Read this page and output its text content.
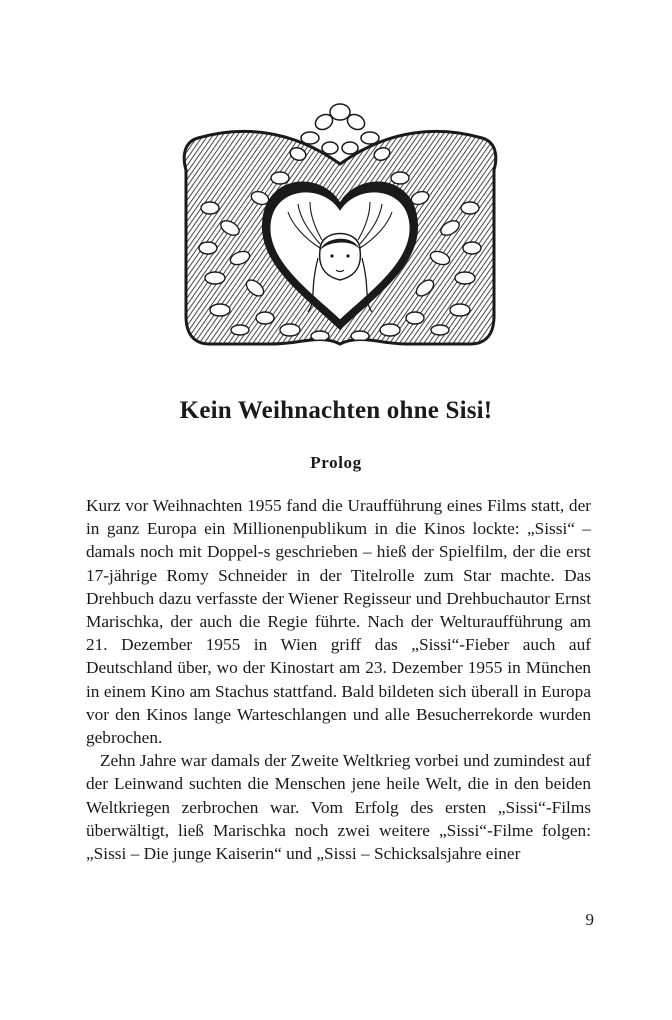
Kein Weihnachten ohne Sisi!
Prolog

Kurz vor Weihnachten 1955 fand die Uraufführung eines Films statt, der in ganz Europa ein Millionenpublikum in die Kinos lockte: „Sissi“ – damals noch mit Doppel-s geschrieben – hieß der Spielfilm, der die erst 17-jährige Romy Schneider in der Titelrolle zum Star machte. Das Drehbuch dazu verfasste der Wiener Regisseur und Drehbuchautor Ernst Marischka, der auch die Regie führte. Nach der Welturaufführung am 21. Dezember 1955 in Wien griff das „Sissi“-Fieber auch auf Deutschland über, wo der Kinostart am 23. Dezember 1955 in München in einem Kino am Stachus stattfand. Bald bildeten sich überall in Europa vor den Kinos lange Warteschlangen und alle Besucherrekorde wurden gebrochen.

Zehn Jahre war damals der Zweite Weltkrieg vorbei und zumindest auf der Leinwand suchten die Menschen jene heile Welt, die in den beiden Weltkriegen zerbrochen war. Vom Erfolg des ersten „Sissi“-Films überwältigt, ließ Marischka noch zwei weitere „Sissi“-Filme folgen: „Sissi – Die junge Kaiserin“ und „Sissi – Schicksalsjahre einer

9
